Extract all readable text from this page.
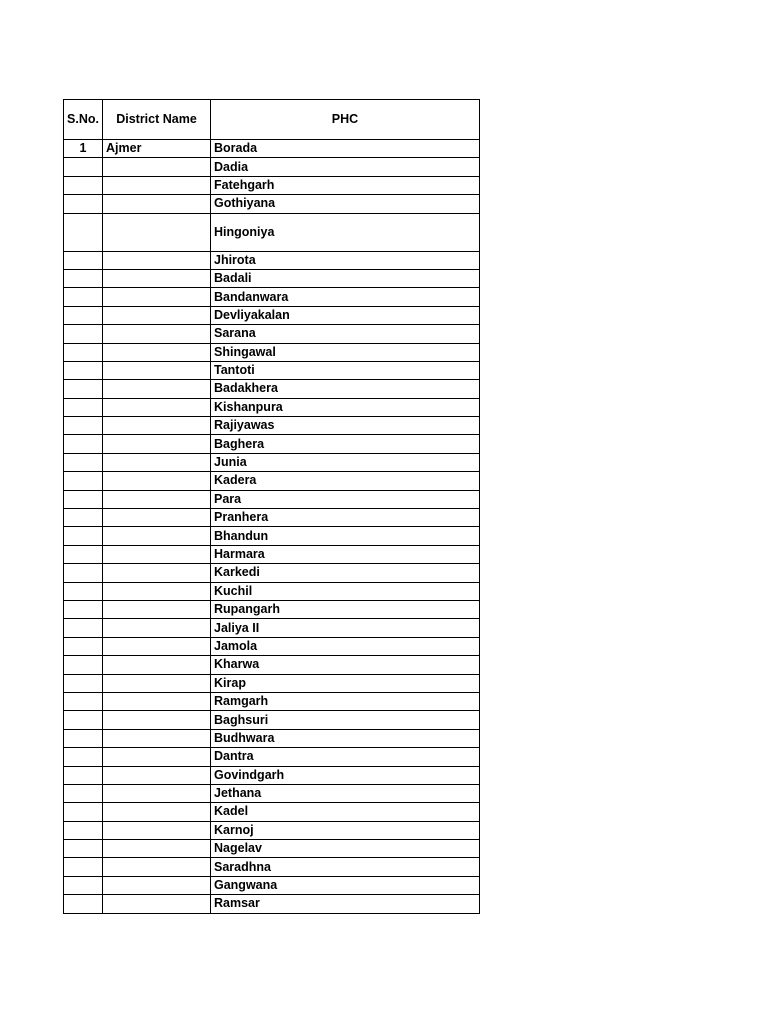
S.No.	District Name	PHC
1	Ajmer	Borada
		Dadia
		Fatehgarh
		Gothiyana
		Hingoniya
		Jhirota
		Badali
		Bandanwara
		Devliyakalan
		Sarana
		Shingawal
		Tantoti
		Badakhera
		Kishanpura
		Rajiyawas
		Baghera
		Junia
		Kadera
		Para
		Pranhera
		Bhandun
		Harmara
		Karkedi
		Kuchil
		Rupangarh
		Jaliya II
		Jamola
		Kharwa
		Kirap
		Ramgarh
		Baghsuri
		Budhwara
		Dantra
		Govindgarh
		Jethana
		Kadel
		Karnoj
		Nagelav
		Saradhna
		Gangwana
		Ramsar
